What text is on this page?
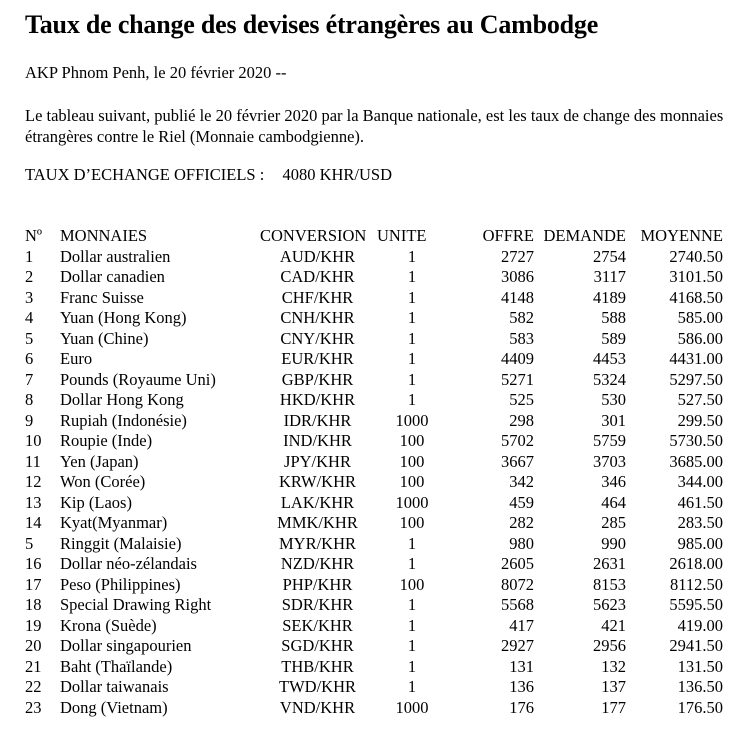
Taux de change des devises étrangères au Cambodge
AKP Phnom Penh, le 20 février 2020 --

Le tableau suivant, publié le 20 février 2020 par la Banque nationale, est les taux de change des monnaies étrangères contre le Riel (Monnaie cambodgienne).

TAUX D’ECHANGE OFFICIELS : 4080 KHR/USD
Nº	MONNAIES	CONVERSION	UNITE	OFFRE	DEMANDE	MOYENNE
1	Dollar australien	AUD/KHR	1	2727	2754	2740.50
2	Dollar canadien	CAD/KHR	1	3086	3117	3101.50
3	Franc Suisse	CHF/KHR	1	4148	4189	4168.50
4	Yuan (Hong Kong)	CNH/KHR	1	582	588	585.00
5	Yuan (Chine)	CNY/KHR	1	583	589	586.00
6	Euro	EUR/KHR	1	4409	4453	4431.00
7	Pounds (Royaume Uni)	GBP/KHR	1	5271	5324	5297.50
8	Dollar Hong Kong	HKD/KHR	1	525	530	527.50
9	Rupiah (Indonésie)	IDR/KHR	1000	298	301	299.50
10	Roupie (Inde)	IND/KHR	100	5702	5759	5730.50
11	Yen (Japan)	JPY/KHR	100	3667	3703	3685.00
12	Won (Corée)	KRW/KHR	100	342	346	344.00
13	Kip (Laos)	LAK/KHR	1000	459	464	461.50
14	Kyat(Myanmar)	MMK/KHR	100	282	285	283.50
5	Ringgit (Malaisie)	MYR/KHR	1	980	990	985.00
16	Dollar néo-zélandais	NZD/KHR	1	2605	2631	2618.00
17	Peso (Philippines)	PHP/KHR	100	8072	8153	8112.50
18	Special Drawing Right	SDR/KHR	1	5568	5623	5595.50
19	Krona (Suède)	SEK/KHR	1	417	421	419.00
20	Dollar singapourien	SGD/KHR	1	2927	2956	2941.50
21	Baht (Thaïlande)	THB/KHR	1	131	132	131.50
22	Dollar taiwanais	TWD/KHR	1	136	137	136.50
23	Dong (Vietnam)	VND/KHR	1000	176	177	176.50
